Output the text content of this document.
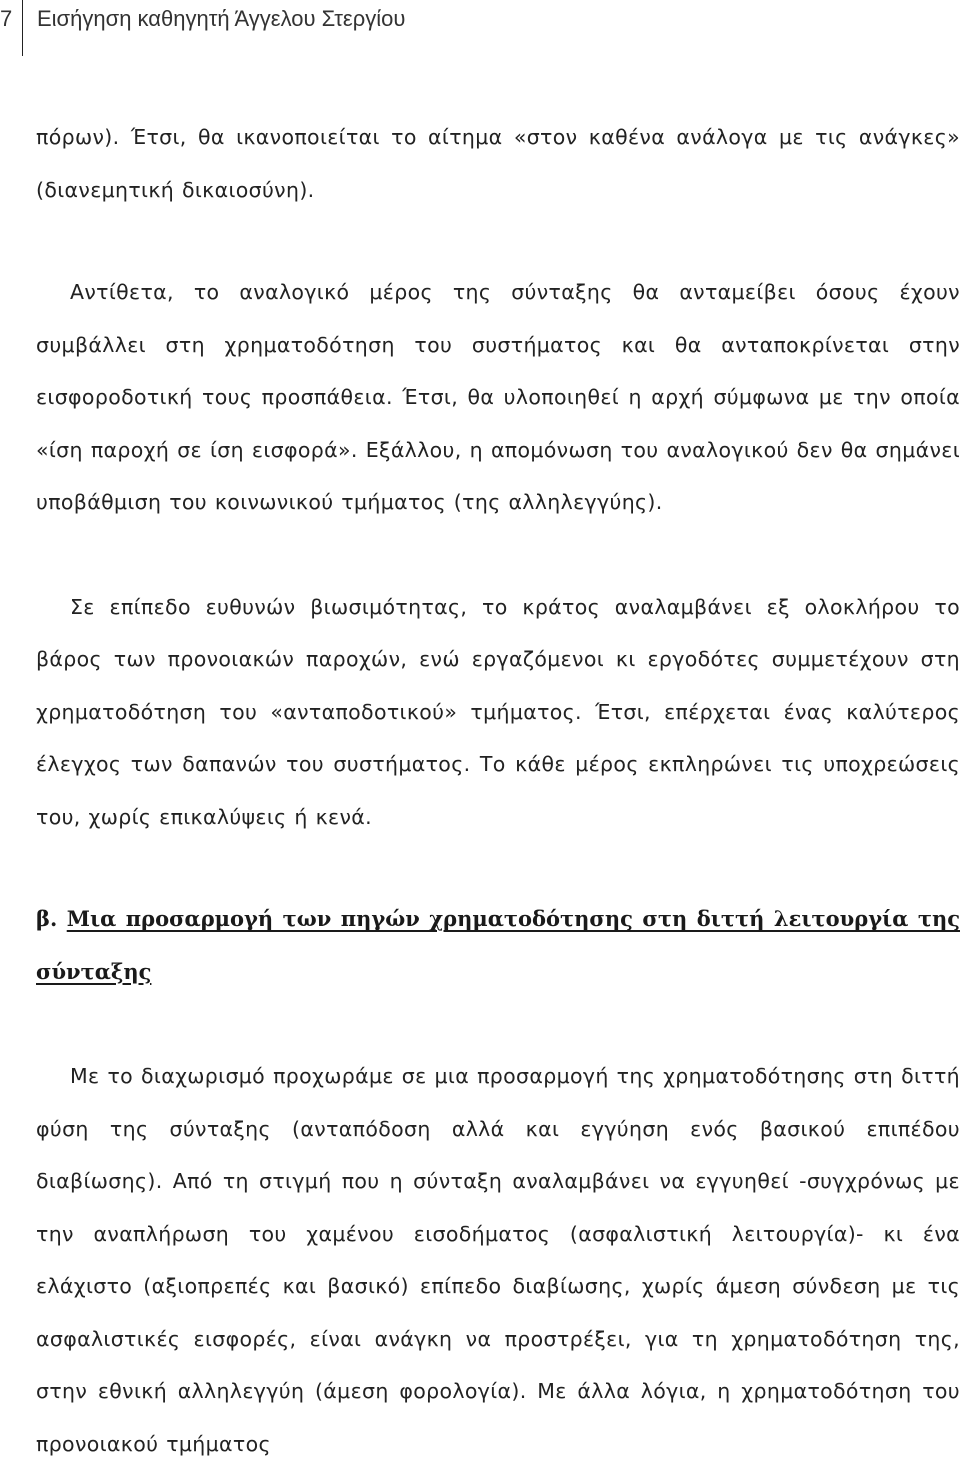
7 Εισήγηση καθηγητή Άγγελου Στεργίου

πόρων). Έτσι, θα ικανοποιείται το αίτημα «στον καθένα ανάλογα με τις ανάγκες» (διανεμητική δικαιοσύνη).

Αντίθετα, το αναλογικό μέρος της σύνταξης θα ανταμείβει όσους έχουν συμβάλλει στη χρηματοδότηση του συστήματος και θα ανταποκρίνεται στην εισφοροδοτική τους προσπάθεια. Έτσι, θα υλοποιηθεί η αρχή σύμφωνα με την οποία «ίση παροχή σε ίση εισφορά». Εξάλλου, η απομόνωση του αναλογικού δεν θα σημάνει υποβάθμιση του κοινωνικού τμήματος (της αλληλεγγύης).

Σε επίπεδο ευθυνών βιωσιμότητας, το κράτος αναλαμβάνει εξ ολοκλήρου το βάρος των προνοιακών παροχών, ενώ εργαζόμενοι κι εργοδότες συμμετέχουν στη χρηματοδότηση του «ανταποδοτικού» τμήματος. Έτσι, επέρχεται ένας καλύτερος έλεγχος των δαπανών του συστήματος. Το κάθε μέρος εκπληρώνει τις υποχρεώσεις του, χωρίς επικαλύψεις ή κενά.

β. Μια προσαρμογή των πηγών χρηματοδότησης στη διττή λειτουργία της σύνταξης

Με το διαχωρισμό προχωράμε σε μια προσαρμογή της χρηματοδότησης στη διττή φύση της σύνταξης (ανταπόδοση αλλά και εγγύηση ενός βασικού επιπέδου διαβίωσης). Από τη στιγμή που η σύνταξη αναλαμβάνει να εγγυηθεί -συγχρόνως με την αναπλήρωση του χαμένου εισοδήματος (ασφαλιστική λειτουργία)- κι ένα ελάχιστο (αξιοπρεπές και βασικό) επίπεδο διαβίωσης, χωρίς άμεση σύνδεση με τις ασφαλιστικές εισφορές, είναι ανάγκη να προστρέξει, για τη χρηματοδότηση της, στην εθνική αλληλεγγύη (άμεση φορολογία). Με άλλα λόγια, η χρηματοδότηση του προνοιακού τμήματος
